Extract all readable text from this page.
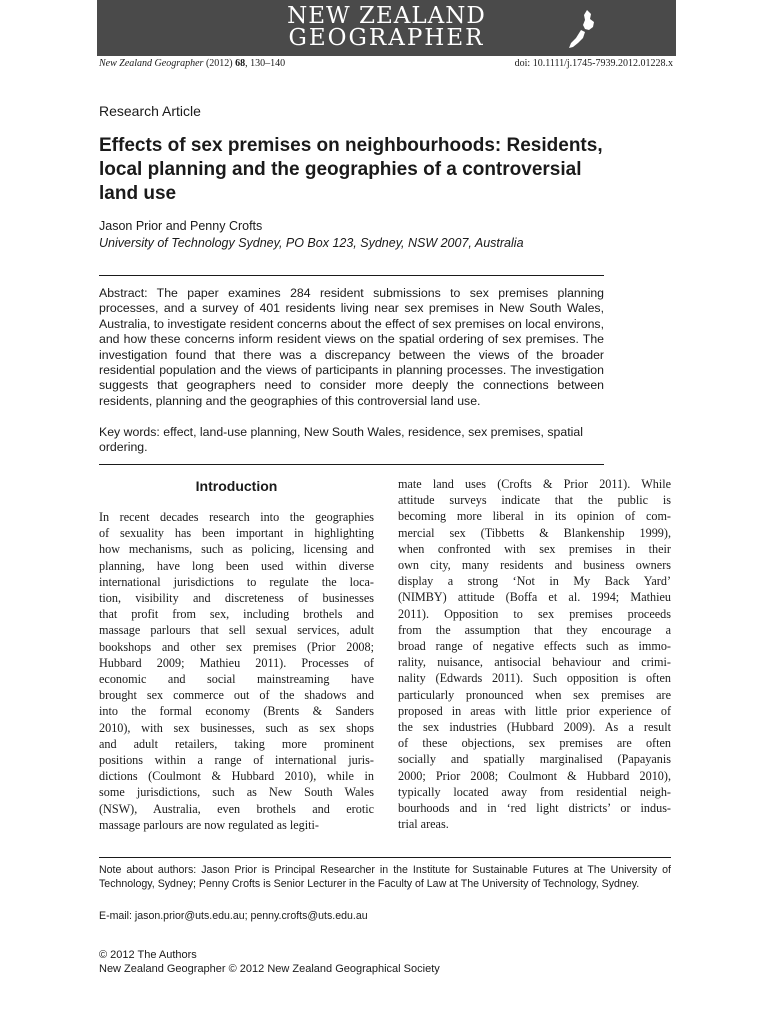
NEW ZEALAND
GEOGRAPHER
New Zealand Geographer (2012) 68, 130–140	doi: 10.1111/j.1745-7939.2012.01228.x
Research Article
Effects of sex premises on neighbourhoods: Residents, local planning and the geographies of a controversial land use
Jason Prior and Penny Crofts
University of Technology Sydney, PO Box 123, Sydney, NSW 2007, Australia

Abstract: The paper examines 284 resident submissions to sex premises planning processes, and a survey of 401 residents living near sex premises in New South Wales, Australia, to investigate resident concerns about the effect of sex premises on local environs, and how these concerns inform resident views on the spatial ordering of sex premises. The investigation found that there was a discrepancy between the views of the broader residential population and the views of participants in planning processes. The investigation suggests that geographers need to consider more deeply the connections between residents, planning and the geographies of this controversial land use.

Key words: effect, land-use planning, New South Wales, residence, sex premises, spatial ordering.

Introduction
In recent decades research into the geographies
of sexuality has been important in highlighting
how mechanisms, such as policing, licensing and
planning, have long been used within diverse
international jurisdictions to regulate the loca-
tion, visibility and discreteness of businesses
that profit from sex, including brothels and
massage parlours that sell sexual services, adult
bookshops and other sex premises (Prior 2008;
Hubbard 2009; Mathieu 2011). Processes of
economic and social mainstreaming have
brought sex commerce out of the shadows and
into the formal economy (Brents & Sanders
2010), with sex businesses, such as sex shops
and adult retailers, taking more prominent
positions within a range of international juris-
dictions (Coulmont & Hubbard 2010), while in
some jurisdictions, such as New South Wales
(NSW), Australia, even brothels and erotic
massage parlours are now regulated as legiti-
mate land uses (Crofts & Prior 2011). While
attitude surveys indicate that the public is
becoming more liberal in its opinion of com-
mercial sex (Tibbetts & Blankenship 1999),
when confronted with sex premises in their
own city, many residents and business owners
display a strong ‘Not in My Back Yard’
(NIMBY) attitude (Boffa et al. 1994; Mathieu
2011). Opposition to sex premises proceeds
from the assumption that they encourage a
broad range of negative effects such as immo-
rality, nuisance, antisocial behaviour and crimi-
nality (Edwards 2011). Such opposition is often
particularly pronounced when sex premises are
proposed in areas with little prior experience of
the sex industries (Hubbard 2009). As a result
of these objections, sex premises are often
socially and spatially marginalised (Papayanis
2000; Prior 2008; Coulmont & Hubbard 2010),
typically located away from residential neigh-
bourhoods and in ‘red light districts’ or indus-
trial areas.

Note about authors: Jason Prior is Principal Researcher in the Institute for Sustainable Futures at The University of Technology, Sydney; Penny Crofts is Senior Lecturer in the Faculty of Law at The University of Technology, Sydney.

E-mail: jason.prior@uts.edu.au; penny.crofts@uts.edu.au
© 2012 The Authors
New Zealand Geographer © 2012 New Zealand Geographical Society
